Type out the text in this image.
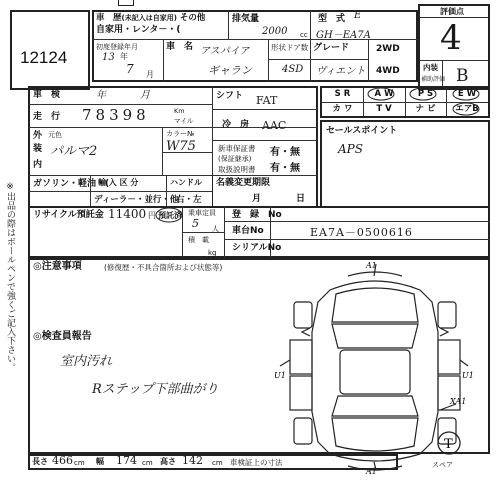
※出品の際はボールペンで強くご記入下さい。
12124
車　歴(未記入は自家用) その他
自家用・レンタ－・(
排気量
2000 cc
型　式 E
GH－EA7A
初度登録年月
13 年
7 月
車　名 アスパイア
ギャラン
形状ドア数
4SD
グレード
ヴィエント
2WD
4WD
評価点
4
内装
補助評価 B
車　検	年	月
走　行 78398	Km
マイル
外
装
内
元色
パルマ2
カラー№
W75
ガソリン・軽油・(
輸 入 区 分
ディーラ－・並行・他
ハンドル
右・左
シフト FAT
冷　房 AAC
新車保証書
(保証継承)
有・無
取扱説明書 有・無
S R	A W	P S	E W
カ ワ	T V	ナ ビ	エアB
セールスポイント
APS
名義変更期限
月	日
リサイクル預託金 11400 円 預託済 乗車定員
5 人
積　載
kg
登　録　No
車台No	EA7A－0500616
シリアルNo
◎注意事項	(修復歴・不具合箇所および状態等)
◎検査員報告
室内汚れ
Rステップ下部曲がり
A1
U1	U1
XA1
A1
T
スペア
長さ 466 cm 幅 174 cm 高さ 142 cm 車検証上の寸法
